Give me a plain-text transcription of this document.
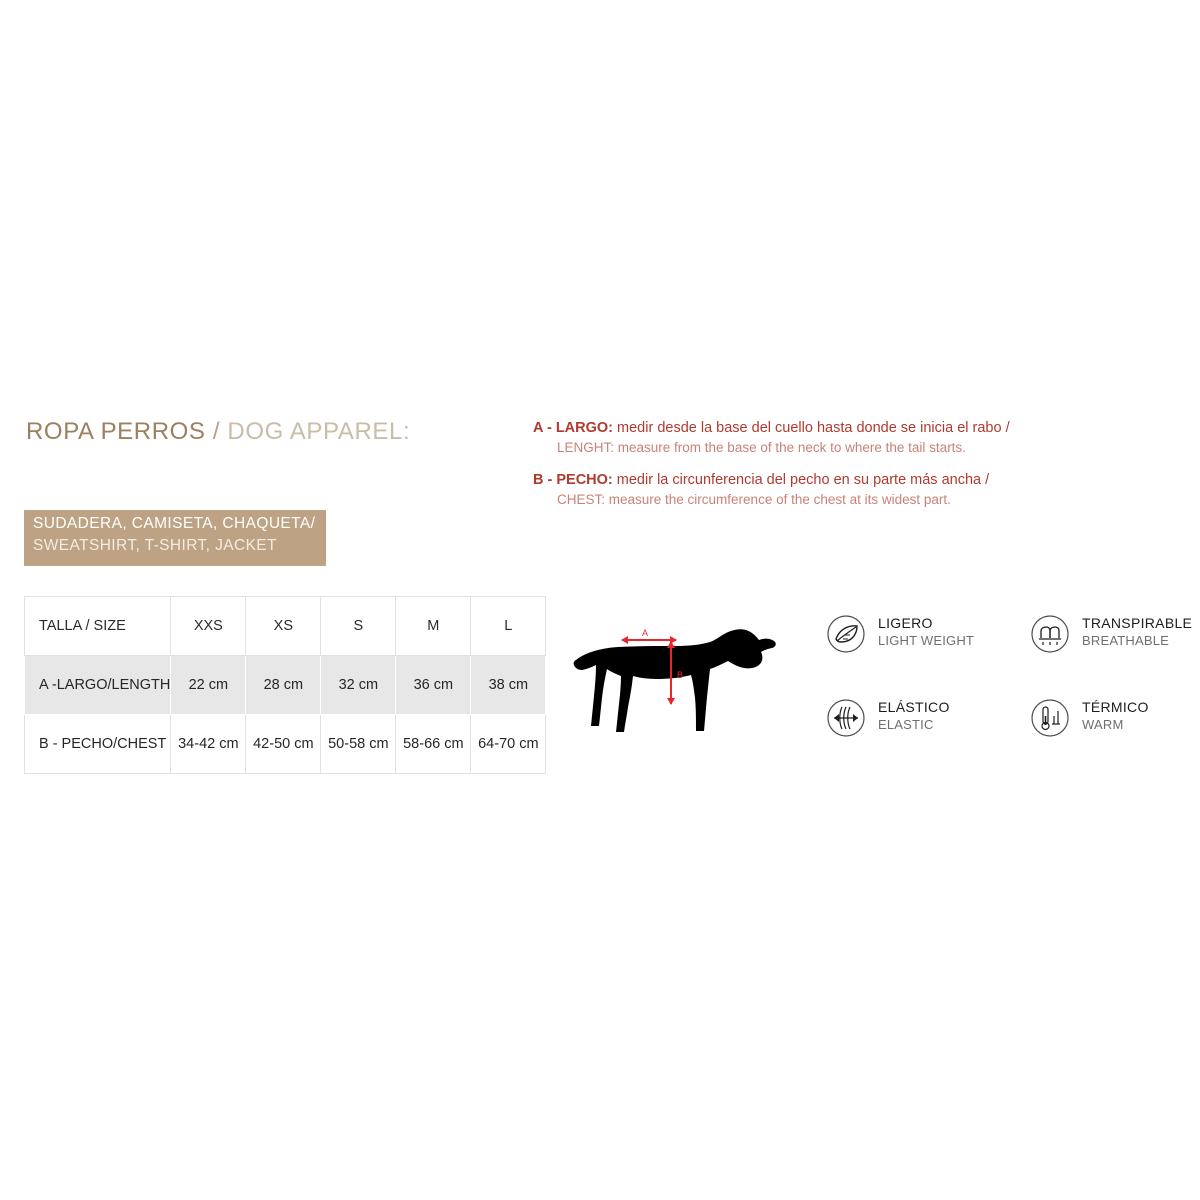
ROPA PERROS / DOG APPAREL:
SUDADERA, CAMISETA, CHAQUETA/
SWEATSHIRT, T-SHIRT, JACKET
TALLA / SIZE	XXS	XS	S	M	L
A -LARGO/LENGTH	22 cm	28 cm	32 cm	36 cm	38 cm
B - PECHO/CHEST	34-42 cm	42-50 cm	50-58 cm	58-66 cm	64-70 cm
A - LARGO: medir desde la base del cuello hasta donde se inicia el rabo /
LENGHT: measure from the base of the neck to where the tail starts.
B - PECHO: medir la circunferencia del pecho en su parte más ancha /
CHEST: measure the circumference of the chest at its widest part.
A
B
LIGERO
LIGHT WEIGHT
TRANSPIRABLE
BREATHABLE
ELÁSTICO
ELASTIC
TÉRMICO
WARM
